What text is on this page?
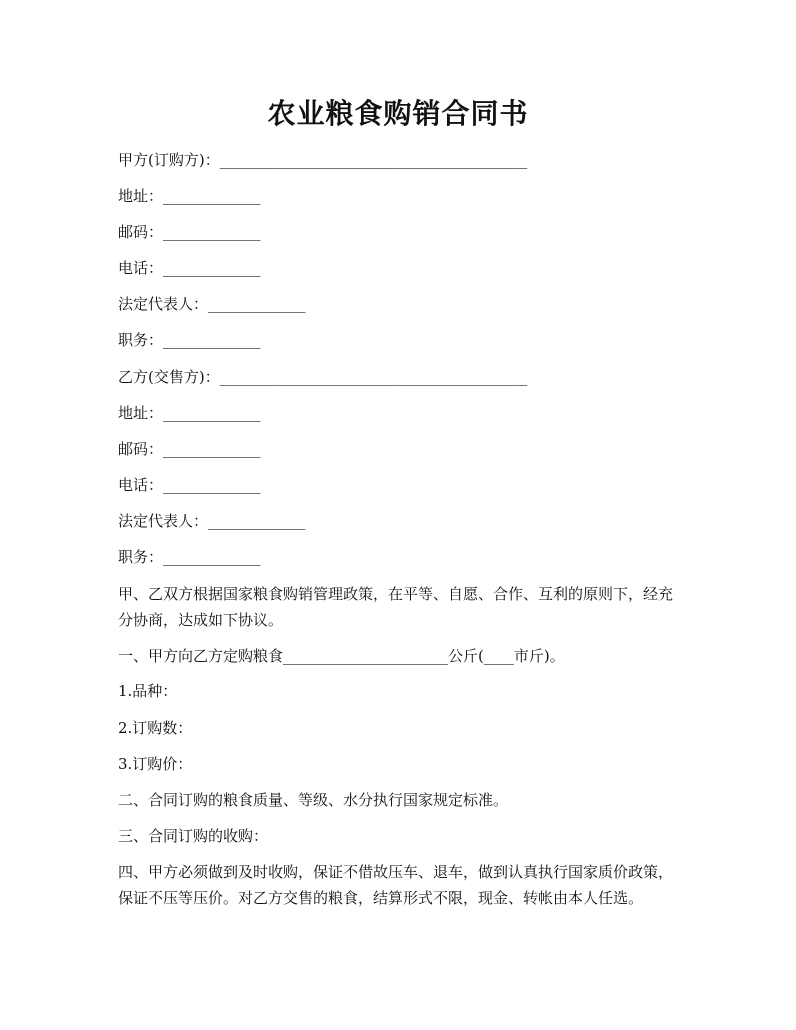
农业粮食购销合同书
甲方(订购方)：_________________________________________
地址：_____________
邮码：_____________
电话：_____________
法定代表人：_____________
职务：_____________
乙方(交售方)：_________________________________________
地址：_____________
邮码：_____________
电话：_____________
法定代表人：_____________
职务：_____________
甲、乙双方根据国家粮食购销管理政策，在平等、自愿、合作、互利的原则下，经充分协商，达成如下协议。
一、甲方向乙方定购粮食______________________公斤(____市斤)。
1.品种：
2.订购数：
3.订购价：
二、合同订购的粮食质量、等级、水分执行国家规定标准。
三、合同订购的收购：
四、甲方必须做到及时收购，保证不借故压车、退车，做到认真执行国家质价政策，保证不压等压价。对乙方交售的粮食，结算形式不限，现金、转帐由本人任选。
